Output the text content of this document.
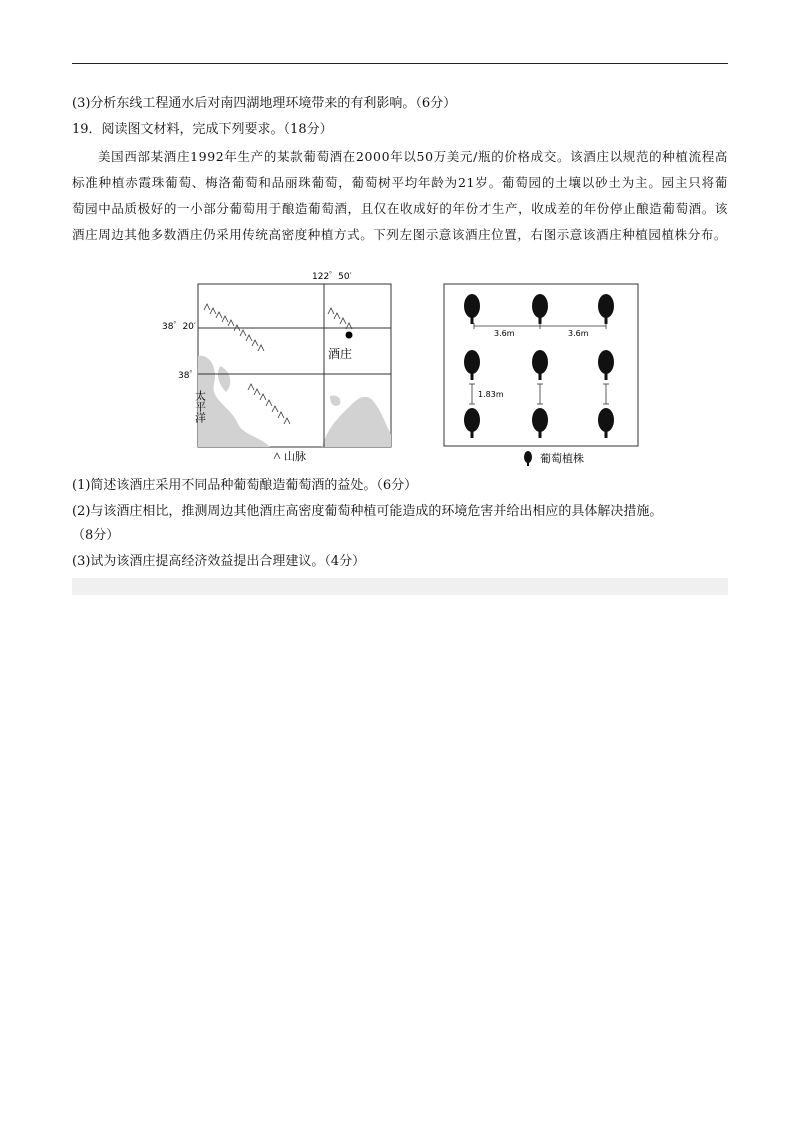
(3)分析东线工程通水后对南四湖地理环境带来的有利影响。（6分）
19．阅读图文材料，完成下列要求。（18分）
美国西部某酒庄1992年生产的某款葡萄酒在2000年以50万美元/瓶的价格成交。该酒庄以规范的种植流程高标准种植赤霞珠葡萄、梅洛葡萄和品丽珠葡萄，葡萄树平均年龄为21岁。葡萄园的土壤以砂土为主。园主只将葡萄园中品质极好的一小部分葡萄用于酿造葡萄酒，且仅在收成好的年份才生产，收成差的年份停止酿造葡萄酒。该酒庄周边其他多数酒庄仍采用传统高密度种植方式。下列左图示意该酒庄位置，右图示意该酒庄种植园植株分布。
122゜50′
38゜20′
38゜
酒庄
太平洋
山脉
3.6m	3.6m
1.83m
葡萄植株
(1)简述该酒庄采用不同品种葡萄酿造葡萄酒的益处。（6分）
(2)与该酒庄相比，推测周边其他酒庄高密度葡萄种植可能造成的环境危害并给出相应的具体解决措施。
（8分）
(3)试为该酒庄提高经济效益提出合理建议。（4分）
